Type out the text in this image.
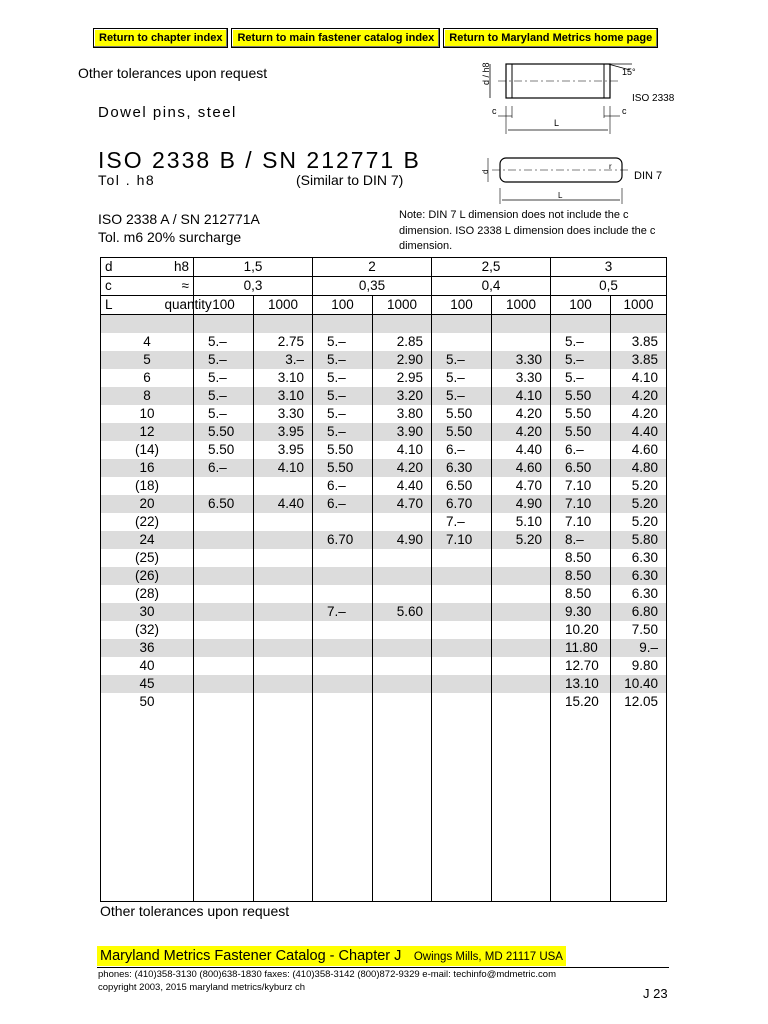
Return to chapter index	Return to main fastener catalog index	Return to Maryland Metrics home page
Other tolerances upon request
Dowel pins, steel
ISO 2338 B / SN 212771 B
Tol . h8	(Similar to DIN 7)
ISO 2338 A / SN 212771A
Tol. m6 20% surcharge
Note: DIN 7 L dimension does not include the c dimension. ISO 2338 L dimension does include the c dimension.
d / h8	15°
ISO 2338
c	c
L
d
r
DIN 7
L
d	h8	1,5		2		2,5		3	
c	≈	0,3		0,35		0,4		0,5	
L	quantity	100	1000	100	1000	100	1000	100	1000

4		5.–	2.75	5.–	2.85			5.–	3.85
5		5.–	3.–	5.–	2.90	5.–	3.30	5.–	3.85
6		5.–	3.10	5.–	2.95	5.–	3.30	5.–	4.10
8		5.–	3.10	5.–	3.20	5.–	4.10	5.50	4.20
10		5.–	3.30	5.–	3.80	5.50	4.20	5.50	4.20
12		5.50	3.95	5.–	3.90	5.50	4.20	5.50	4.40
(14)		5.50	3.95	5.50	4.10	6.–	4.40	6.–	4.60
16		6.–	4.10	5.50	4.20	6.30	4.60	6.50	4.80
(18)				6.–	4.40	6.50	4.70	7.10	5.20
20		6.50	4.40	6.–	4.70	6.70	4.90	7.10	5.20
(22)						7.–	5.10	7.10	5.20
24				6.70	4.90	7.10	5.20	8.–	5.80
(25)								8.50	6.30
(26)								8.50	6.30
(28)								8.50	6.30
30				7.–	5.60			9.30	6.80
(32)								10.20	7.50
36								11.80	9.–
40								12.70	9.80
45								13.10	10.40
50								15.20	12.05

Other tolerances upon request
Maryland Metrics Fastener Catalog - Chapter J Owings Mills, MD 21117 USA
phones: (410)358-3130 (800)638-1830 faxes: (410)358-3142 (800)872-9329 e-mail: techinfo@mdmetric.com
copyright 2003, 2015 maryland metrics/kyburz ch	J 23
